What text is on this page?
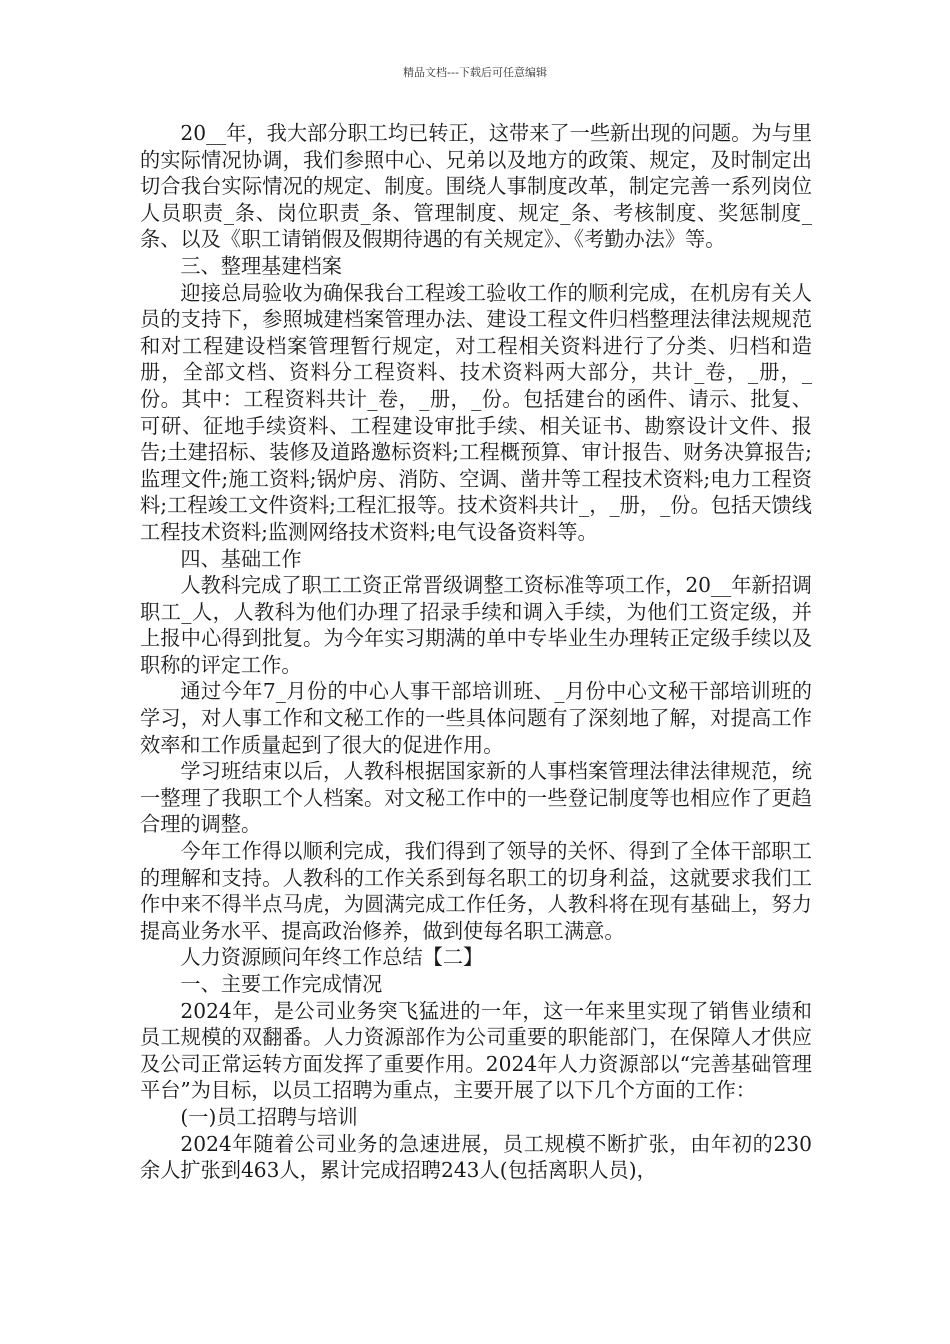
精品文档---下载后可任意编辑

20__年，我大部分职工均已转正，这带来了一些新出现的问题。为与里的实际情况协调，我们参照中心、兄弟以及地方的政策、规定，及时制定出切合我台实际情况的规定、制度。围绕人事制度改革，制定完善一系列岗位人员职责_条、岗位职责_条、管理制度、规定_条、考核制度、奖惩制度_条、以及《职工请销假及假期待遇的有关规定》、《考勤办法》等。

三、整理基建档案

迎接总局验收为确保我台工程竣工验收工作的顺利完成，在机房有关人员的支持下，参照城建档案管理办法、建设工程文件归档整理法律法规规范和对工程建设档案管理暂行规定，对工程相关资料进行了分类、归档和造册，全部文档、资料分工程资料、技术资料两大部分，共计_卷，_册，_份。其中：工程资料共计_卷，_册，_份。包括建台的函件、请示、批复、可研、征地手续资料、工程建设审批手续、相关证书、勘察设计文件、报告;土建招标、装修及道路邀标资料;工程概预算、审计报告、财务决算报告;监理文件;施工资料;锅炉房、消防、空调、凿井等工程技术资料;电力工程资料;工程竣工文件资料;工程汇报等。技术资料共计_，_册，_份。包括天馈线工程技术资料;监测网络技术资料;电气设备资料等。

四、基础工作

人教科完成了职工工资正常晋级调整工资标准等项工作，20__年新招调职工_人，人教科为他们办理了招录手续和调入手续，为他们工资定级，并上报中心得到批复。为今年实习期满的单中专毕业生办理转正定级手续以及职称的评定工作。

通过今年7_月份的中心人事干部培训班、_月份中心文秘干部培训班的学习，对人事工作和文秘工作的一些具体问题有了深刻地了解，对提高工作效率和工作质量起到了很大的促进作用。

学习班结束以后，人教科根据国家新的人事档案管理法律法律规范，统一整理了我职工个人档案。对文秘工作中的一些登记制度等也相应作了更趋合理的调整。

今年工作得以顺利完成，我们得到了领导的关怀、得到了全体干部职工的理解和支持。人教科的工作关系到每名职工的切身利益，这就要求我们工作中来不得半点马虎，为圆满完成工作任务，人教科将在现有基础上，努力提高业务水平、提高政治修养，做到使每名职工满意。

人力资源顾问年终工作总结【二】

一、主要工作完成情况

2024年，是公司业务突飞猛进的一年，这一年来里实现了销售业绩和员工规模的双翻番。人力资源部作为公司重要的职能部门，在保障人才供应及公司正常运转方面发挥了重要作用。2024年人力资源部以“完善基础管理平台”为目标，以员工招聘为重点，主要开展了以下几个方面的工作：

(一)员工招聘与培训

2024年随着公司业务的急速进展，员工规模不断扩张，由年初的230余人扩张到463人，累计完成招聘243人(包括离职人员)，
